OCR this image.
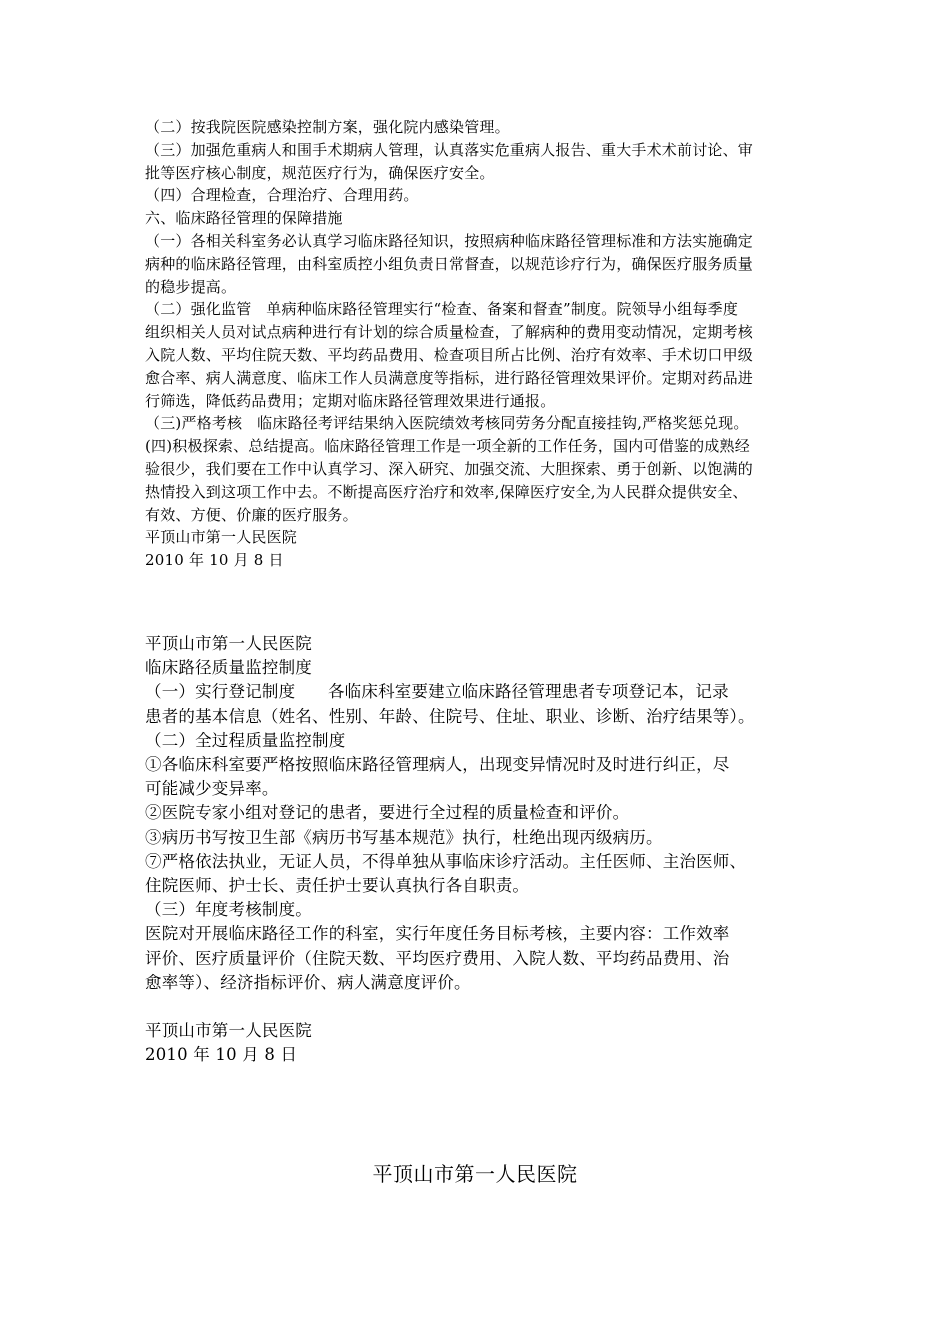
（二）按我院医院感染控制方案，强化院内感染管理。
（三）加强危重病人和围手术期病人管理，认真落实危重病人报告、重大手术术前讨论、审
批等医疗核心制度，规范医疗行为，确保医疗安全。
（四）合理检查，合理治疗、合理用药。
六、临床路径管理的保障措施
（一）各相关科室务必认真学习临床路径知识，按照病种临床路径管理标准和方法实施确定
病种的临床路径管理，由科室质控小组负责日常督查，以规范诊疗行为，确保医疗服务质量
的稳步提高。
（二）强化监管   单病种临床路径管理实行“检查、备案和督查”制度。院领导小组每季度
组织相关人员对试点病种进行有计划的综合质量检查，了解病种的费用变动情况，定期考核
入院人数、平均住院天数、平均药品费用、检查项目所占比例、治疗有效率、手术切口甲级
愈合率、病人满意度、临床工作人员满意度等指标，进行路径管理效果评价。定期对药品进
行筛选，降低药品费用；定期对临床路径管理效果进行通报。
（三)严格考核   临床路径考评结果纳入医院绩效考核同劳务分配直接挂钩,严格奖惩兑现。
(四)积极探索、总结提高。临床路径管理工作是一项全新的工作任务，国内可借鉴的成熟经
验很少，我们要在工作中认真学习、深入研究、加强交流、大胆探索、勇于创新、以饱满的
热情投入到这项工作中去。不断提高医疗治疗和效率,保障医疗安全,为人民群众提供安全、
有效、方便、价廉的医疗服务。
平顶山市第一人民医院
2010 年 10 月 8 日
平顶山市第一人民医院
临床路径质量监控制度
（一）实行登记制度      各临床科室要建立临床路径管理患者专项登记本，记录
患者的基本信息（姓名、性别、年龄、住院号、住址、职业、诊断、治疗结果等）。
（二）全过程质量监控制度
①各临床科室要严格按照临床路径管理病人，出现变异情况时及时进行纠正，尽
可能减少变异率。
②医院专家小组对登记的患者，要进行全过程的质量检查和评价。
③病历书写按卫生部《病历书写基本规范》执行，杜绝出现丙级病历。
⑦严格依法执业，无证人员，不得单独从事临床诊疗活动。主任医师、主治医师、
住院医师、护士长、责任护士要认真执行各自职责。
（三）年度考核制度。
医院对开展临床路径工作的科室，实行年度任务目标考核，主要内容：工作效率
评价、医疗质量评价（住院天数、平均医疗费用、入院人数、平均药品费用、治
愈率等）、经济指标评价、病人满意度评价。
平顶山市第一人民医院
2010 年 10 月 8 日
平顶山市第一人民医院
